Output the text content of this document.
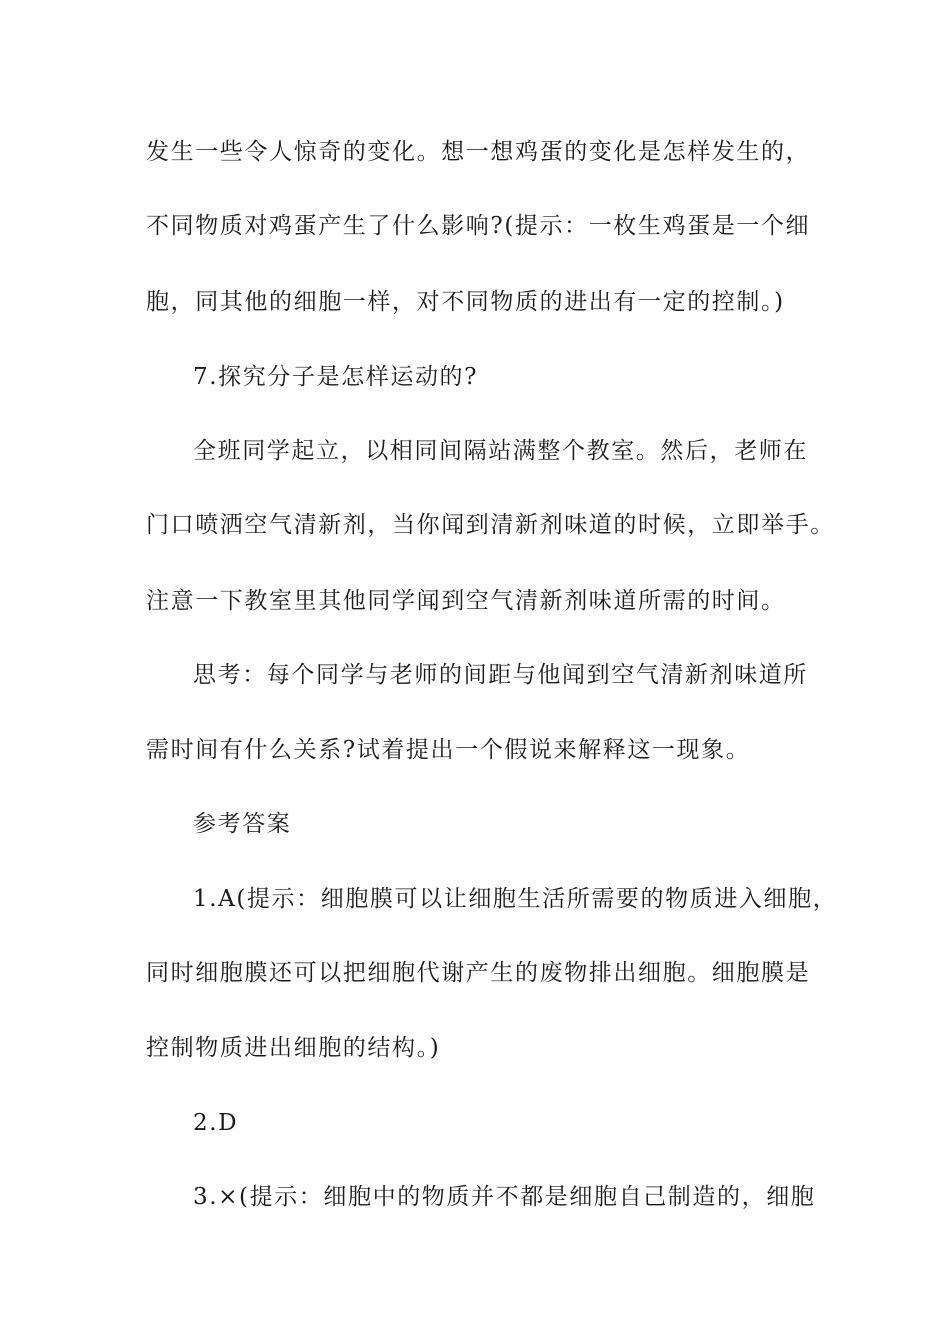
发生一些令人惊奇的变化。想一想鸡蛋的变化是怎样发生的，
不同物质对鸡蛋产生了什么影响?(提示：一枚生鸡蛋是一个细
胞，同其他的细胞一样，对不同物质的进出有一定的控制。)
7.探究分子是怎样运动的?
全班同学起立，以相同间隔站满整个教室。然后，老师在
门口喷洒空气清新剂，当你闻到清新剂味道的时候，立即举手。
注意一下教室里其他同学闻到空气清新剂味道所需的时间。
思考：每个同学与老师的间距与他闻到空气清新剂味道所
需时间有什么关系?试着提出一个假说来解释这一现象。
参考答案
1.A(提示：细胞膜可以让细胞生活所需要的物质进入细胞，
同时细胞膜还可以把细胞代谢产生的废物排出细胞。细胞膜是
控制物质进出细胞的结构。)
2.D
3.×(提示：细胞中的物质并不都是细胞自己制造的，细胞
